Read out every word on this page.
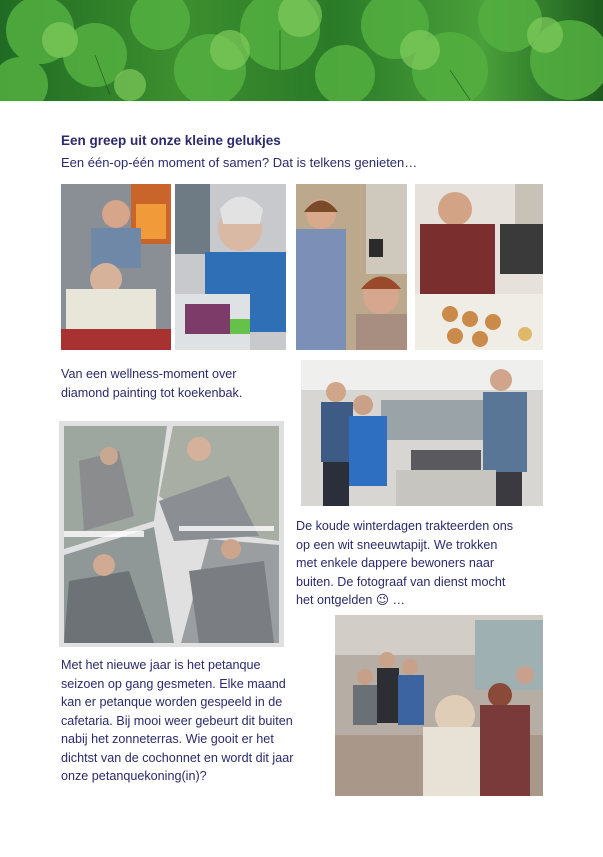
Een greep uit onze kleine gelukjes
Een één-op-één moment of samen? Dat is telkens genieten…

Van een wellness-moment over

diamond painting tot koekenbak.

De koude winterdagen trakteerden ons

op een wit sneeuwtapijt. We trokken

met enkele dappere bewoners naar

buiten. De fotograaf van dienst mocht

het ontgelden 😉 …

Met het nieuwe jaar is het petanque

seizoen op gang gesmeten. Elke maand

kan er petanque worden gespeeld in de

cafetaria. Bij mooi weer gebeurt dit buiten

nabij het zonneterras. Wie gooit er het

dichtst van de cochonnet en wordt dit jaar

onze petanquekoning(in)?
